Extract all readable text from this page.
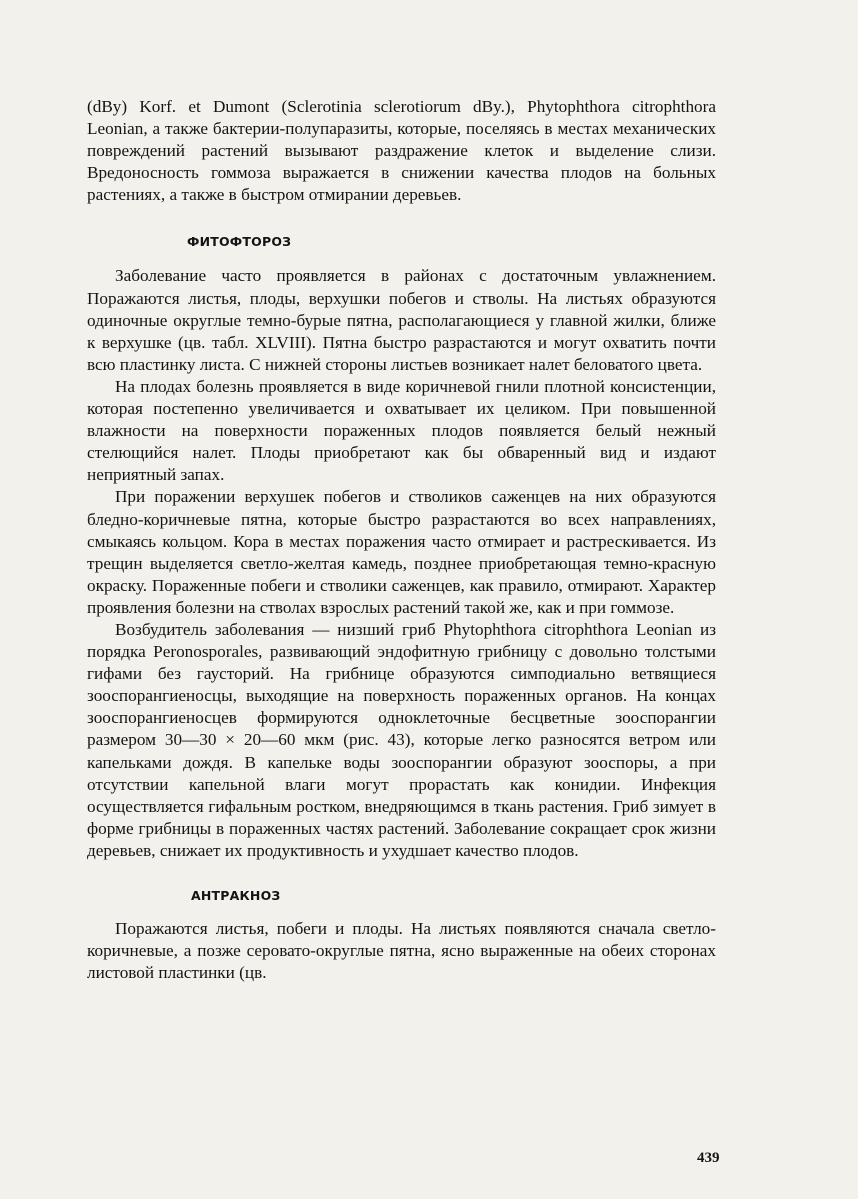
(dBy) Korf. et Dumont (Sclerotinia sclerotiorum dBy.), Phytophthora citrophthora Leonian, а также бактерии-полупаразиты, которые, поселяясь в местах механических повреждений растений вызывают раздражение клеток и выделение слизи. Вредоносность гоммоза выражается в снижении качества плодов на больных растениях, а также в быстром отмирании деревьев.

ФИТОФТОРОЗ

Заболевание часто проявляется в районах с достаточным увлажнением. Поражаются листья, плоды, верхушки побегов и стволы. На листьях образуются одиночные округлые темно-бурые пятна, располагающиеся у главной жилки, ближе к верхушке (цв. табл. XLVIII). Пятна быстро разрастаются и могут охватить почти всю пластинку листа. С нижней стороны листьев возникает налет беловатого цвета.

На плодах болезнь проявляется в виде коричневой гнили плотной консистенции, которая постепенно увеличивается и охватывает их целиком. При повышенной влажности на поверхности пораженных плодов появляется белый нежный стелющийся налет. Плоды приобретают как бы обваренный вид и издают неприятный запах.

При поражении верхушек побегов и стволиков саженцев на них образуются бледно-коричневые пятна, которые быстро разрастаются во всех направлениях, смыкаясь кольцом. Кора в местах поражения часто отмирает и растрескивается. Из трещин выделяется светло-желтая камедь, позднее приобретающая темно-красную окраску. Пораженные побеги и стволики саженцев, как правило, отмирают. Характер проявления болезни на стволах взрослых растений такой же, как и при гоммозе.

Возбудитель заболевания — низший гриб Phytophthora citrophthora Leonian из порядка Peronosporales, развивающий эндофитную грибницу с довольно толстыми гифами без гаусторий. На грибнице образуются симподиально ветвящиеся зооспорангиеносцы, выходящие на поверхность пораженных органов. На концах зооспорангиеносцев формируются одноклеточные бесцветные зооспорангии размером 30—30 × 20—60 мкм (рис. 43), которые легко разносятся ветром или капельками дождя. В капельке воды зооспорангии образуют зооспоры, а при отсутствии капельной влаги могут прорастать как конидии. Инфекция осуществляется гифальным ростком, внедряющимся в ткань растения. Гриб зимует в форме грибницы в пораженных частях растений. Заболевание сокращает срок жизни деревьев, снижает их продуктивность и ухудшает качество плодов.

АНТРАКНОЗ

Поражаются листья, побеги и плоды. На листьях появляются сначала светло-коричневые, а позже серовато-округлые пятна, ясно выраженные на обеих сторонах листовой пластинки (цв.

439
